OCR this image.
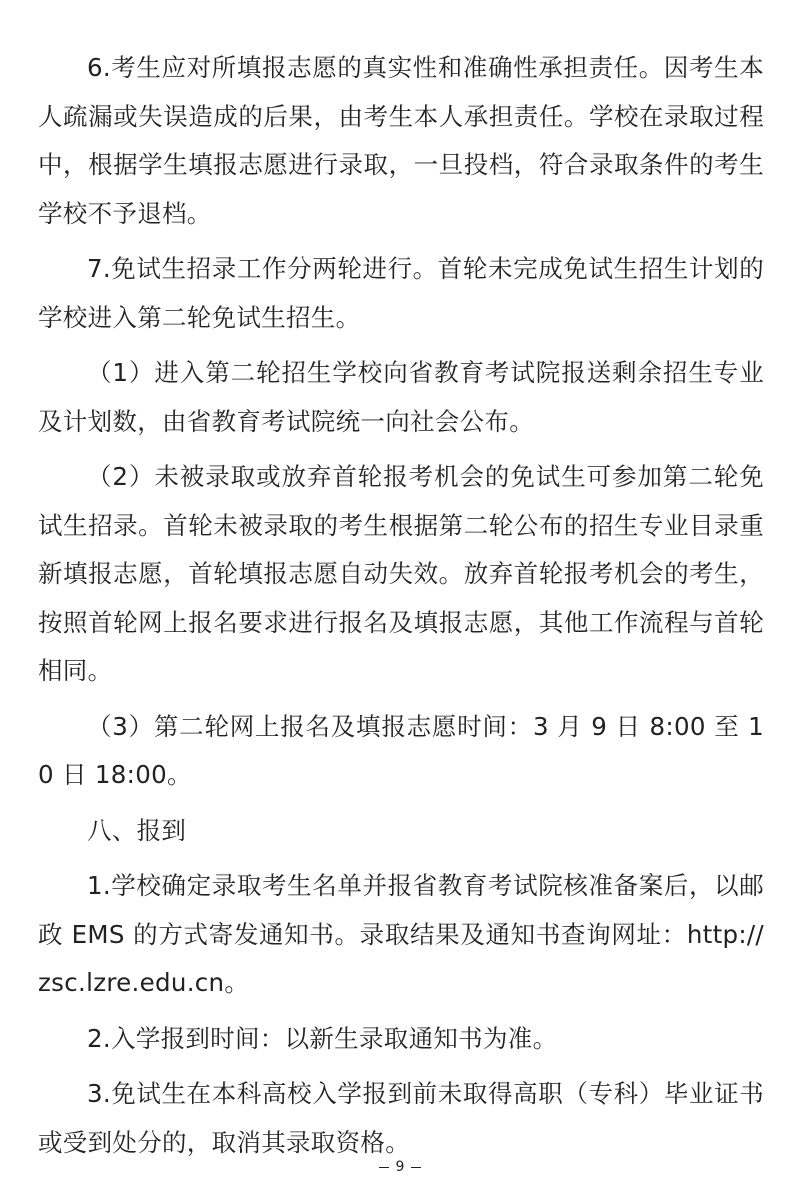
6.考生应对所填报志愿的真实性和准确性承担责任。因考生本人疏漏或失误造成的后果，由考生本人承担责任。学校在录取过程中，根据学生填报志愿进行录取，一旦投档，符合录取条件的考生学校不予退档。

7.免试生招录工作分两轮进行。首轮未完成免试生招生计划的学校进入第二轮免试生招生。

（1）进入第二轮招生学校向省教育考试院报送剩余招生专业及计划数，由省教育考试院统一向社会公布。

（2）未被录取或放弃首轮报考机会的免试生可参加第二轮免试生招录。首轮未被录取的考生根据第二轮公布的招生专业目录重新填报志愿，首轮填报志愿自动失效。放弃首轮报考机会的考生，按照首轮网上报名要求进行报名及填报志愿，其他工作流程与首轮相同。

（3）第二轮网上报名及填报志愿时间：3 月 9 日 8:00 至 10 日 18:00。

八、报到

1.学校确定录取考生名单并报省教育考试院核准备案后，以邮政 EMS 的方式寄发通知书。录取结果及通知书查询网址：http://zsc.lzre.edu.cn。

2.入学报到时间：以新生录取通知书为准。

3.免试生在本科高校入学报到前未取得高职（专科）毕业证书或受到处分的，取消其录取资格。

9
